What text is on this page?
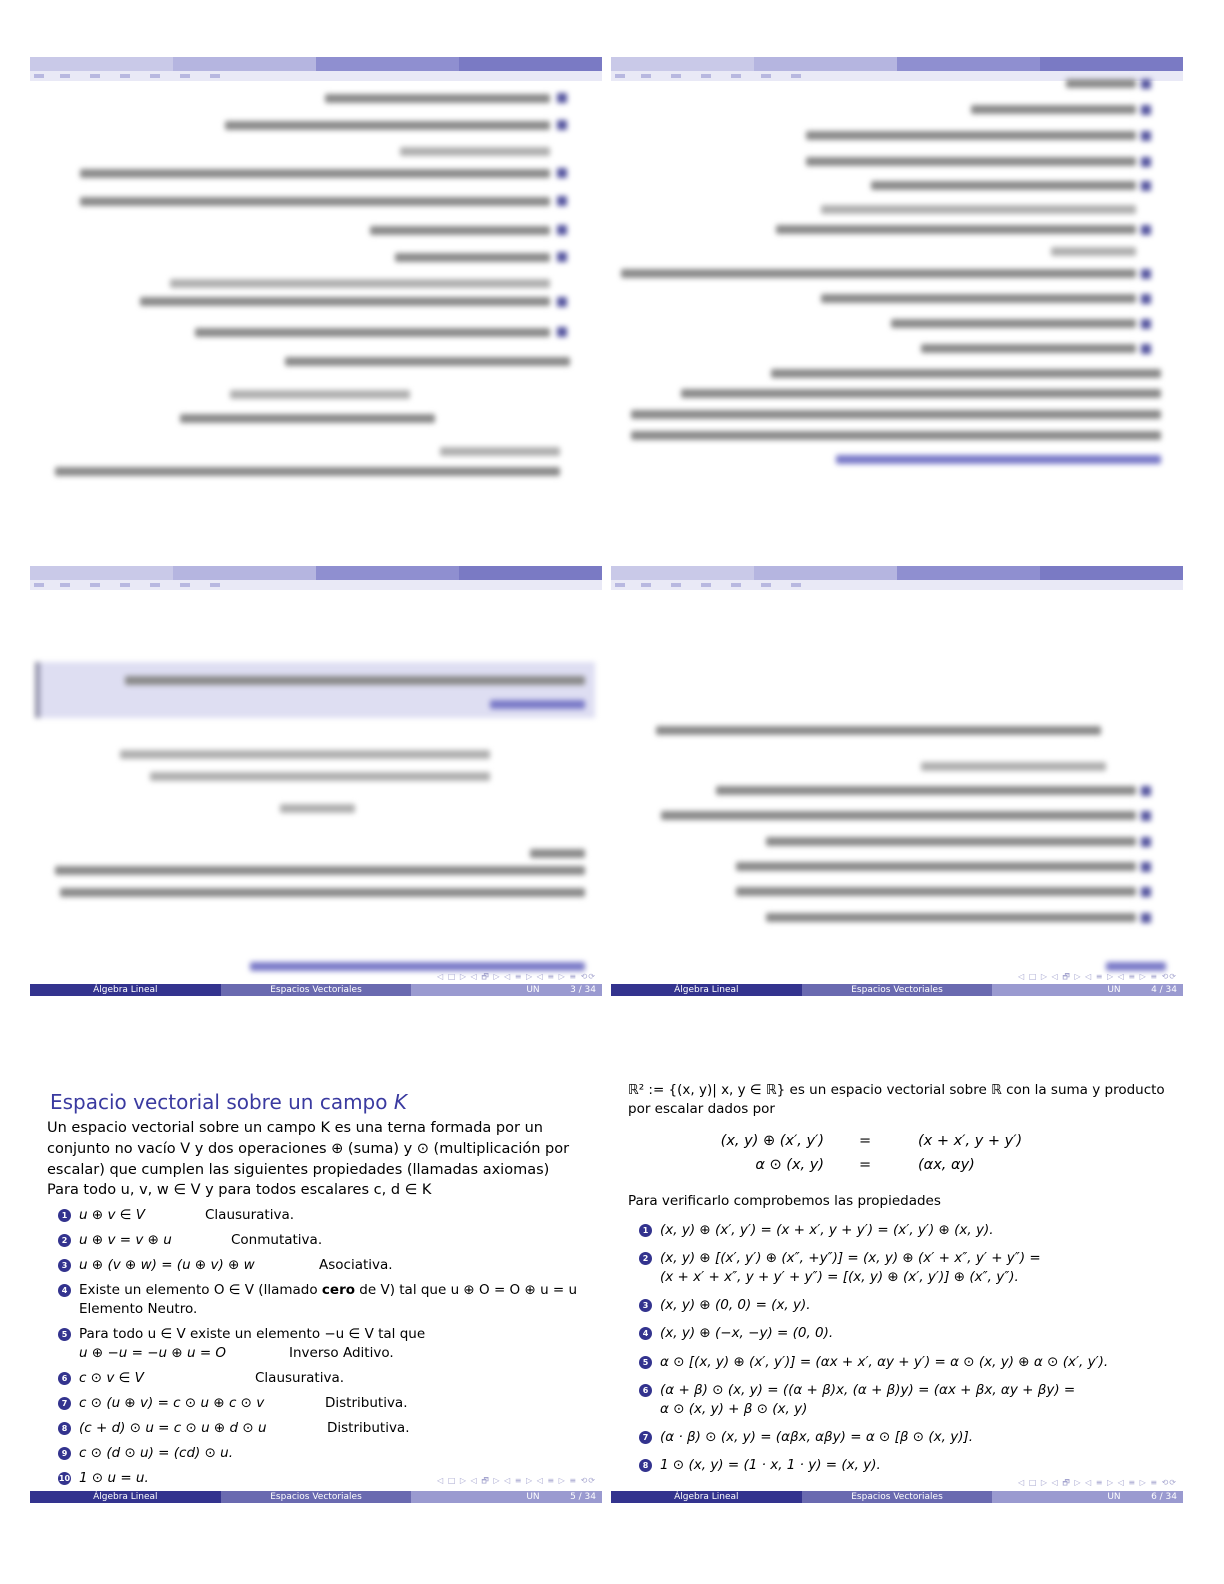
◁ □ ▷ ◁ 🗗 ▷ ◁ ≡ ▷ ◁ ≡ ▷ ≡ ⟲⟳
Álgebra Lineal	Espacios Vectoriales	UN	3 / 34
◁ □ ▷ ◁ 🗗 ▷ ◁ ≡ ▷ ◁ ≡ ▷ ≡ ⟲⟳
Álgebra Lineal	Espacios Vectoriales	UN	4 / 34
Espacio vectorial sobre un campo K
Un espacio vectorial sobre un campo K es una terna formada por un
conjunto no vacío V y dos operaciones ⊕ (suma) y ⊙ (multiplicación por
escalar) que cumplen las siguientes propiedades (llamadas axiomas)
Para todo u, v, w ∈ V y para todos escalares c, d ∈ K
1 u ⊕ v ∈ V	Clausurativa.
2 u ⊕ v = v ⊕ u	Conmutativa.
3 u ⊕ (v ⊕ w) = (u ⊕ v) ⊕ w	Asociativa.
4 Existe un elemento O ∈ V (llamado cero de V) tal que u ⊕ O = O ⊕ u = u
Elemento Neutro.
5 Para todo u ∈ V existe un elemento −u ∈ V tal que
u ⊕ −u = −u ⊕ u = O	Inverso Aditivo.
6 c ⊙ v ∈ V	Clausurativa.
7 c ⊙ (u ⊕ v) = c ⊙ u ⊕ c ⊙ v	Distributiva.
8 (c + d) ⊙ u = c ⊙ u ⊕ d ⊙ u	Distributiva.
9 c ⊙ (d ⊙ u) = (cd) ⊙ u.
10 1 ⊙ u = u.	◁ □ ▷ ◁ 🗗 ▷ ◁ ≡ ▷ ◁ ≡ ▷ ≡ ⟲⟳
Álgebra Lineal	Espacios Vectoriales	UN	5 / 34
ℝ² := {(x, y)| x, y ∈ ℝ} es un espacio vectorial sobre ℝ con la suma y producto
por escalar dados por
(x, y) ⊕ (x′, y′) =	(x + x′, y + y′)
α ⊙ (x, y) =	(αx, αy)
Para verificarlo comprobemos las propiedades
1 (x, y) ⊕ (x′, y′) = (x + x′, y + y′) = (x′, y′) ⊕ (x, y).
2 (x, y) ⊕ [(x′, y′) ⊕ (x″, +y″)] = (x, y) ⊕ (x′ + x″, y′ + y″) =
(x + x′ + x″, y + y′ + y″) = [(x, y) ⊕ (x′, y′)] ⊕ (x″, y″).
3 (x, y) ⊕ (0, 0) = (x, y).
4 (x, y) ⊕ (−x, −y) = (0, 0).
5 α ⊙ [(x, y) ⊕ (x′, y′)] = (αx + x′, αy + y′) = α ⊙ (x, y) ⊕ α ⊙ (x′, y′).
6 (α + β) ⊙ (x, y) = ((α + β)x, (α + β)y) = (αx + βx, αy + βy) =
α ⊙ (x, y) + β ⊙ (x, y)
7 (α · β) ⊙ (x, y) = (αβx, αβy) = α ⊙ [β ⊙ (x, y)].
8 1 ⊙ (x, y) = (1 · x, 1 · y) = (x, y).
◁ □ ▷ ◁ 🗗 ▷ ◁ ≡ ▷ ◁ ≡ ▷ ≡ ⟲⟳
Álgebra Lineal	Espacios Vectoriales	UN	6 / 34
